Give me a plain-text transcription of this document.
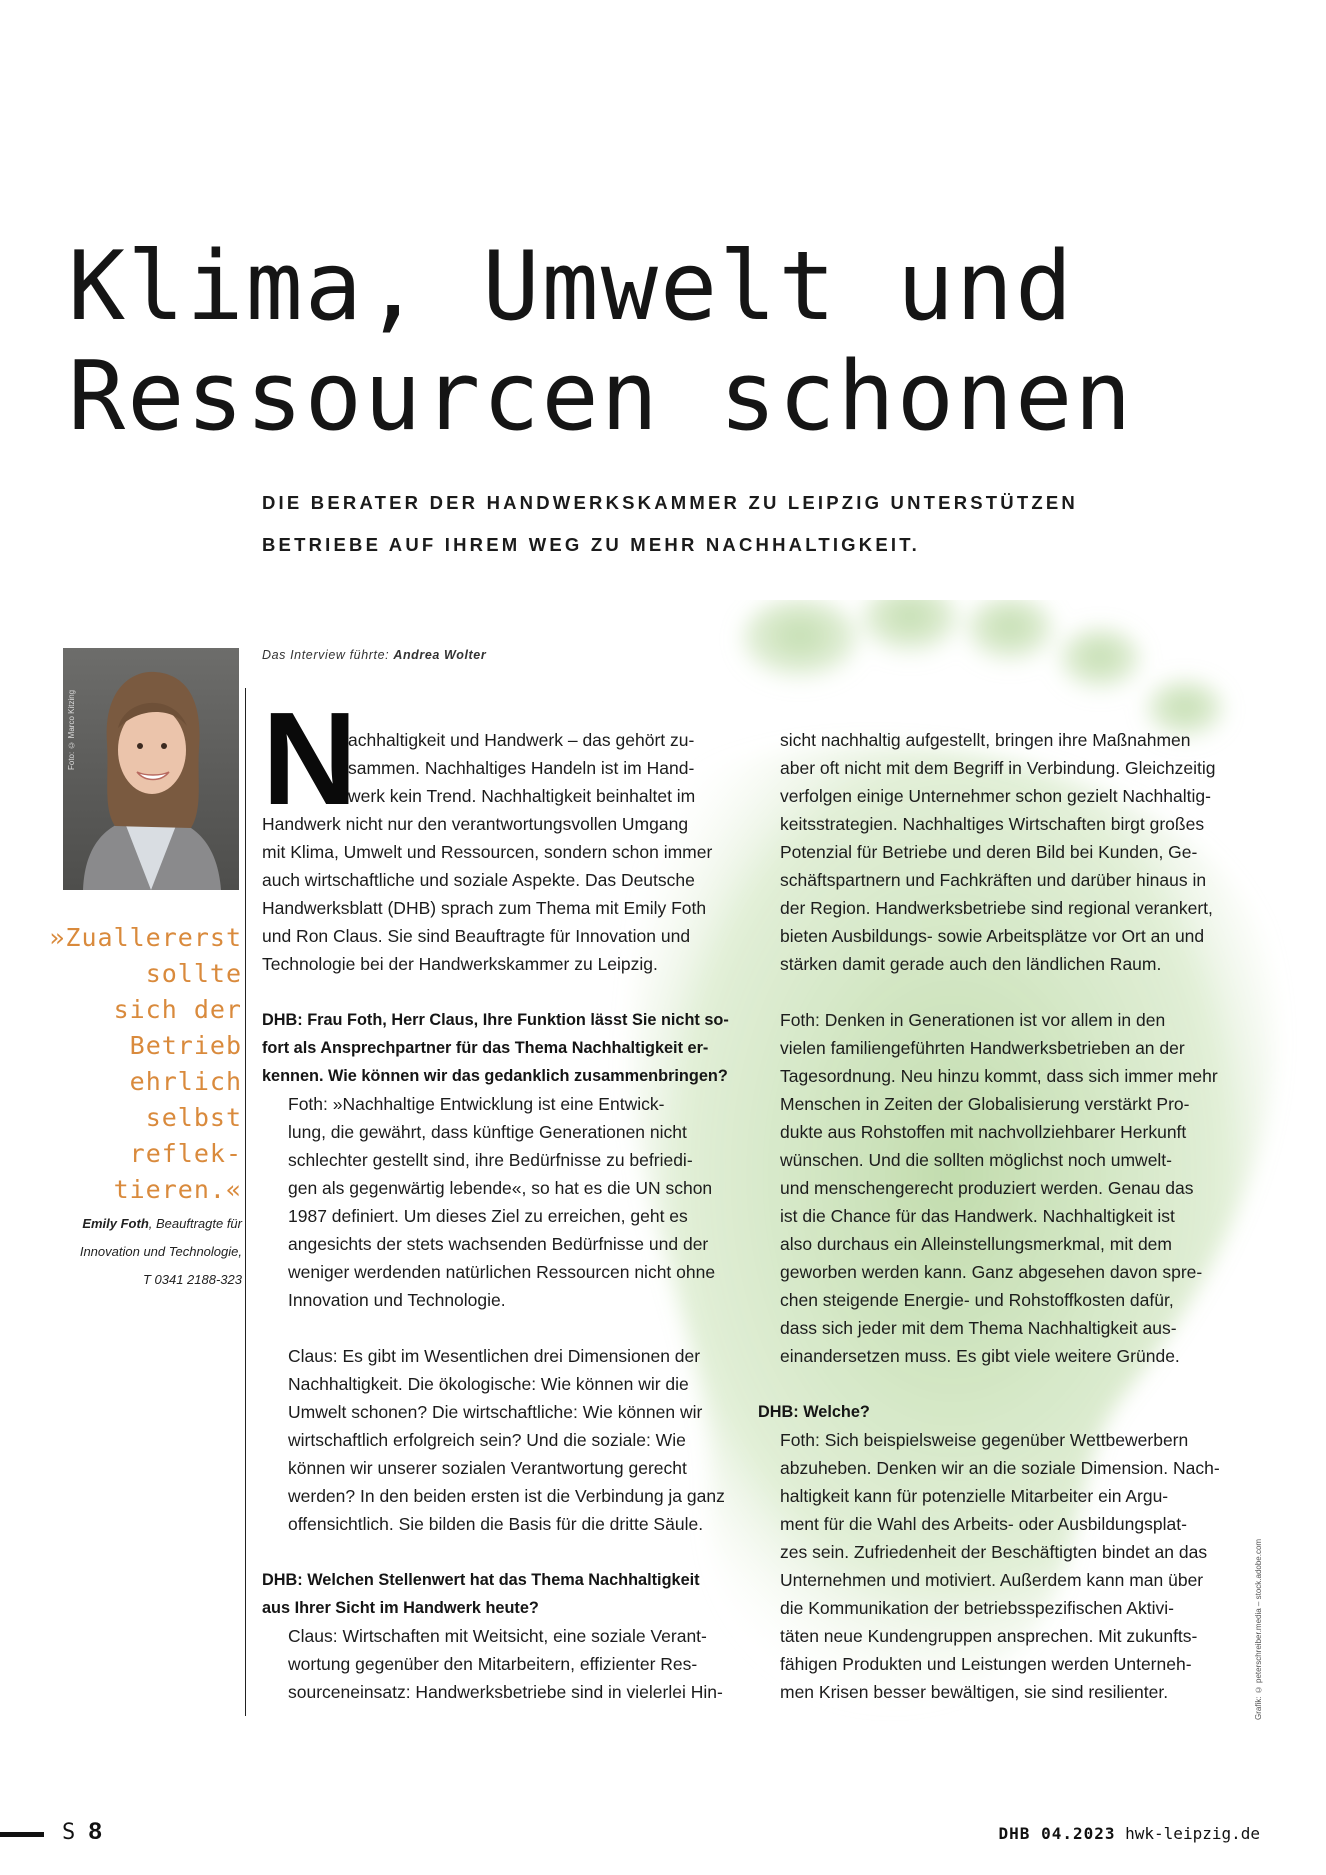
Klima, Umwelt und
Ressourcen schonen
DIE BERATER DER HANDWERKSKAMMER ZU LEIPZIG UNTERSTÜTZEN
BETRIEBE AUF IHREM WEG ZU MEHR NACHHALTIGKEIT.
Foto: © Marco Kitzing
»Zuallererst
sollte
sich der
Betrieb
ehrlich
selbst
reflek-
tieren.«
Emily Foth, Beauftragte für
Innovation und Technologie,
T 0341 2188-323
Das Interview führte: Andrea Wolter
N

achhaltigkeit und Handwerk – das gehört zu-
sammen. Nachhaltiges Handeln ist im Hand-
werk kein Trend. Nachhaltigkeit beinhaltet im
Handwerk nicht nur den verantwortungsvollen Umgang
mit Klima, Umwelt und Ressourcen, sondern schon immer
auch wirtschaftliche und soziale Aspekte. Das Deutsche
Handwerksblatt (DHB) sprach zum Thema mit Emily Foth
und Ron Claus. Sie sind Beauftragte für Innovation und
Technologie bei der Handwerkskammer zu Leipzig.

DHB: Frau Foth, Herr Claus, Ihre Funktion lässt Sie nicht so-
fort als Ansprechpartner für das Thema Nachhaltigkeit er-
kennen. Wie können wir das gedanklich zusammenbringen?

Foth: »Nachhaltige Entwicklung ist eine Entwick-
lung, die gewährt, dass künftige Generationen nicht
schlechter gestellt sind, ihre Bedürfnisse zu befriedi-
gen als gegenwärtig lebende«, so hat es die UN schon
1987 definiert. Um dieses Ziel zu erreichen, geht es
angesichts der stets wachsenden Bedürfnisse und der
weniger werdenden natürlichen Ressourcen nicht ohne
Innovation und Technologie.

Claus: Es gibt im Wesentlichen drei Dimensionen der
Nachhaltigkeit. Die ökologische: Wie können wir die
Umwelt schonen? Die wirtschaftliche: Wie können wir
wirtschaftlich erfolgreich sein? Und die soziale: Wie
können wir unserer sozialen Verantwortung gerecht
werden? In den beiden ersten ist die Verbindung ja ganz
offensichtlich. Sie bilden die Basis für die dritte Säule.

DHB: Welchen Stellenwert hat das Thema Nachhaltigkeit
aus Ihrer Sicht im Handwerk heute?

Claus: Wirtschaften mit Weitsicht, eine soziale Verant-
wortung gegenüber den Mitarbeitern, effizienter Res-
sourceneinsatz: Handwerksbetriebe sind in vielerlei Hin-

sicht nachhaltig aufgestellt, bringen ihre Maßnahmen
aber oft nicht mit dem Begriff in Verbindung. Gleichzeitig
verfolgen einige Unternehmer schon gezielt Nachhaltig-
keitsstrategien. Nachhaltiges Wirtschaften birgt großes
Potenzial für Betriebe und deren Bild bei Kunden, Ge-
schäftspartnern und Fachkräften und darüber hinaus in
der Region. Handwerksbetriebe sind regional verankert,
bieten Ausbildungs- sowie Arbeitsplätze vor Ort an und
stärken damit gerade auch den ländlichen Raum.

Foth: Denken in Generationen ist vor allem in den
vielen familiengeführten Handwerksbetrieben an der
Tagesordnung. Neu hinzu kommt, dass sich immer mehr
Menschen in Zeiten der Globalisierung verstärkt Pro-
dukte aus Rohstoffen mit nachvollziehbarer Herkunft
wünschen. Und die sollten möglichst noch umwelt-
und menschengerecht produziert werden. Genau das
ist die Chance für das Handwerk. Nachhaltigkeit ist
also durchaus ein Alleinstellungsmerkmal, mit dem
geworben werden kann. Ganz abgesehen davon spre-
chen steigende Energie- und Rohstoffkosten dafür,
dass sich jeder mit dem Thema Nachhaltigkeit aus-
einandersetzen muss. Es gibt viele weitere Gründe.

DHB: Welche?

Foth: Sich beispielsweise gegenüber Wettbewerbern
abzuheben. Denken wir an die soziale Dimension. Nach-
haltigkeit kann für potenzielle Mitarbeiter ein Argu-
ment für die Wahl des Arbeits- oder Ausbildungsplat-
zes sein. Zufriedenheit der Beschäftigten bindet an das
Unternehmen und motiviert. Außerdem kann man über
die Kommunikation der betriebsspezifischen Aktivi-
täten neue Kundengruppen ansprechen. Mit zukunfts-
fähigen Produkten und Leistungen werden Unterneh-
men Krisen besser bewältigen, sie sind resilienter.	Grafik: © peterschreiber.media – stock.adobe.com
S 8	DHB 04.2023 hwk-leipzig.de
